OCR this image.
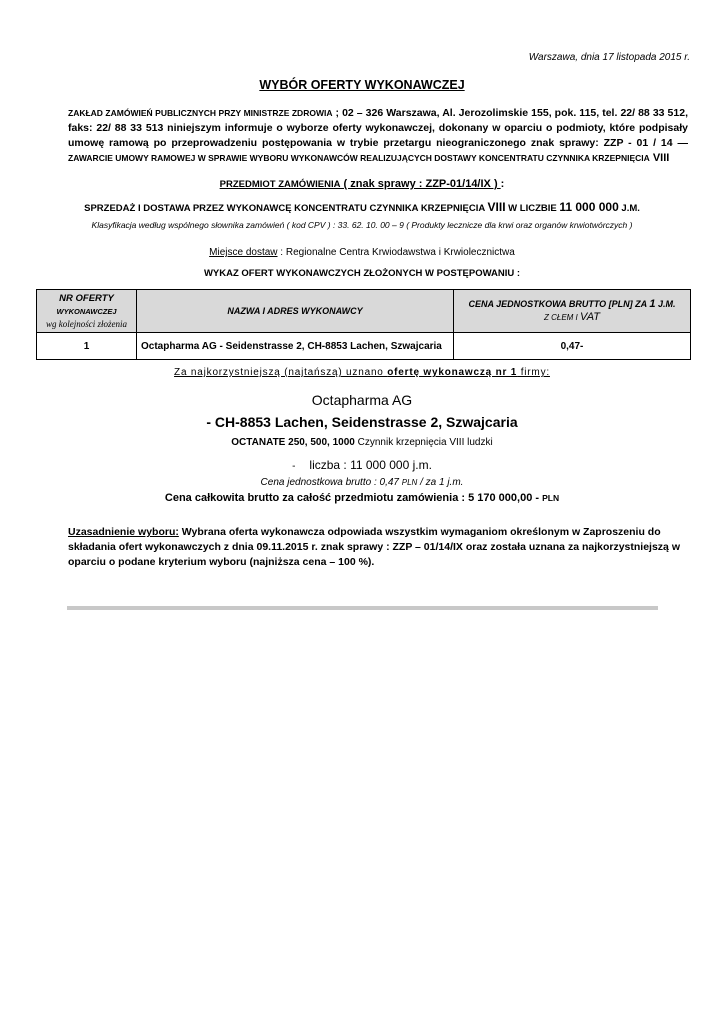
Warszawa, dnia 17 listopada 2015 r.
WYBÓR OFERTY WYKONAWCZEJ
ZAKŁAD ZAMÓWIEŃ PUBLICZNYCH PRZY MINISTRZE ZDROWIA ; 02 – 326 Warszawa, Al. Jerozolimskie 155, pok. 115, tel. 22/ 88 33 512, faks: 22/ 88 33 513 niniejszym informuje o wyborze oferty wykonawczej, dokonany w oparciu o podmioty, które podpisały umowę ramową po przeprowadzeniu postępowania w trybie przetargu nieograniczonego znak sprawy: ZZP - 01 / 14 — ZAWARCIE UMOWY RAMOWEJ W SPRAWIE WYBORU WYKONAWCÓW REALIZUJĄCYCH DOSTAWY KONCENTRATU CZYNNIKA KRZEPNIĘCIA VIII
PRZEDMIOT ZAMÓWIENIA ( znak sprawy : ZZP-01/14/IX ) :
SPRZEDAŻ I DOSTAWA PRZEZ WYKONAWCĘ KONCENTRATU CZYNNIKA KRZEPNIĘCIA VIII W LICZBIE 11 000 000 J.M.
Klasyfikacja według wspólnego słownika zamówień ( kod CPV ) : 33. 62. 10. 00 – 9 ( Produkty lecznicze dla krwi oraz organów krwiotwórczych )
Miejsce dostaw : Regionalne Centra Krwiodawstwa i Krwiolecznictwa
WYKAZ OFERT WYKONAWCZYCH ZŁOŻONYCH W POSTĘPOWANIU :
NR OFERTY
WYKONAWCZEJ
wg kolejności złożenia	NAZWA I ADRES WYKONAWCY	CENA JEDNOSTKOWA BRUTTO [PLN] ZA 1 J.M.
Z CŁEM I VAT
1	Octapharma AG - Seidenstrasse 2, CH-8853 Lachen, Szwajcaria	0,47-
Za najkorzystniejszą (najtańszą) uznano ofertę wykonawczą nr 1 firmy:
Octapharma AG
- CH-8853 Lachen, Seidenstrasse 2, Szwajcaria
OCTANATE 250, 500, 1000 Czynnik krzepnięcia VIII ludzki
- liczba : 11 000 000 j.m.
Cena jednostkowa brutto : 0,47 PLN / za 1 j.m.
Cena całkowita brutto za całość przedmiotu zamówienia : 5 170 000,00 - PLN
Uzasadnienie wyboru: Wybrana oferta wykonawcza odpowiada wszystkim wymaganiom określonym w Zaproszeniu do składania ofert wykonawczych z dnia 09.11.2015 r. znak sprawy : ZZP – 01/14/IX oraz została uznana za najkorzystniejszą w oparciu o podane kryterium wyboru (najniższa cena – 100 %).
